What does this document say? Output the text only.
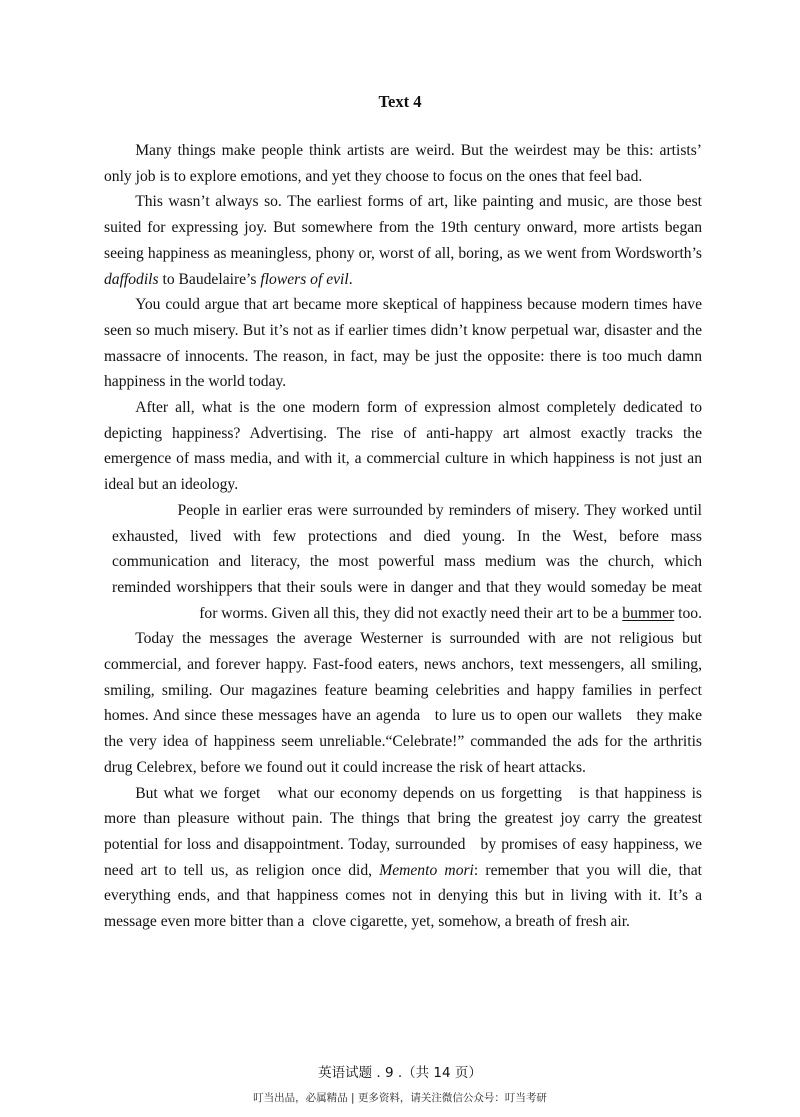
Text 4

Many things make people think artists are weird. But the weirdest may be this: artists’ only job is to explore emotions, and yet they choose to focus on the ones that feel bad.

This wasn’t always so. The earliest forms of art, like painting and music, are those best suited for expressing joy. But somewhere from the 19th century onward, more artists began seeing happiness as meaningless, phony or, worst of all, boring, as we went from Wordsworth’s daffodils to Baudelaire’s flowers of evil.

You could argue that art became more skeptical of happiness because modern times have seen so much misery. But it’s not as if earlier times didn’t know perpetual war, disaster and the massacre of innocents. The reason, in fact, may be just the opposite: there is too much damn happiness in the world today.

After all, what is the one modern form of expression almost completely dedicated to depicting happiness? Advertising. The rise of anti-happy art almost exactly tracks the emergence of mass media, and with it, a commercial culture in which happiness is not just an ideal but an ideology.

People in earlier eras were surrounded by reminders of misery. They worked until exhausted, lived with few protections and died young. In the West, before mass communication and literacy, the most powerful mass medium was the church, which reminded worshippers that their souls were in danger and that they would someday be meat for worms. Given all this, they did not exactly need their art to be a bummer too.

Today the messages the average Westerner is surrounded with are not religious but commercial, and forever happy. Fast-food eaters, news anchors, text messengers, all smiling, smiling, smiling. Our magazines feature beaming celebrities and happy families in perfect homes. And since these messages have an agenda   to lure us to open our wallets   they make the very idea of happiness seem unreliable.“Celebrate!” commanded the ads for the arthritis drug Celebrex, before we found out it could increase the risk of heart attacks.

But what we forget   what our economy depends on us forgetting   is that happiness is more than pleasure without pain. The things that bring the greatest joy carry the greatest potential for loss and disappointment. Today, surrounded   by promises of easy happiness, we need art to tell us, as religion once did, Memento mori: remember that you will die, that everything ends, and that happiness comes not in denying this but in living with it. It’s a message even more bitter than a  clove cigarette, yet, somehow, a breath of fresh air.

英语试题 . 9 .（共 14 页）
叮当出品，必属精品 | 更多资料，请关注微信公众号：叮当考研
